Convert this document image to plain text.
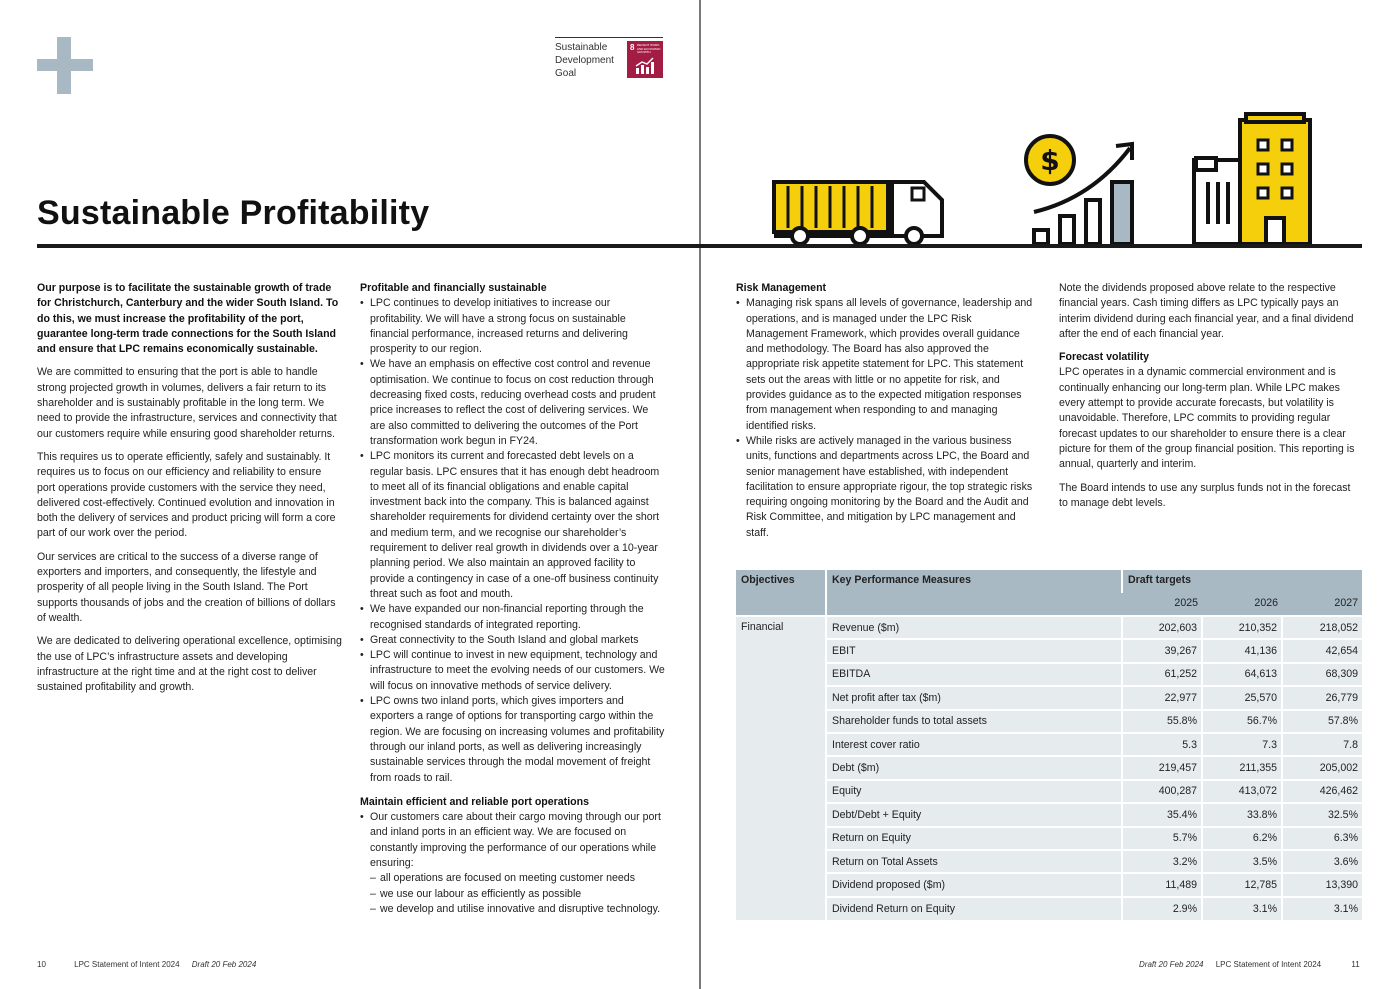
Sustainable Development Goal
8 DECENT WORK AND ECONOMIC GROWTH
Sustainable Profitability

Our purpose is to facilitate the sustainable growth of trade for Christchurch, Canterbury and the wider South Island. To do this, we must increase the profitability of the port, guarantee long-term trade connections for the South Island and ensure that LPC remains economically sustainable.

We are committed to ensuring that the port is able to handle strong projected growth in volumes, delivers a fair return to its shareholder and is sustainably profitable in the long term. We need to provide the infrastructure, services and connectivity that our customers require while ensuring good shareholder returns.

This requires us to operate efficiently, safely and sustainably. It requires us to focus on our efficiency and reliability to ensure port operations provide customers with the service they need, delivered cost-effectively. Continued evolution and innovation in both the delivery of services and product pricing will form a core part of our work over the period.

Our services are critical to the success of a diverse range of exporters and importers, and consequently, the lifestyle and prosperity of all people living in the South Island. The Port supports thousands of jobs and the creation of billions of dollars of wealth.

We are dedicated to delivering operational excellence, optimising the use of LPC’s infrastructure assets and developing infrastructure at the right time and at the right cost to deliver sustained profitability and growth.

Profitable and financially sustainable
• LPC continues to develop initiatives to increase our profitability. We will have a strong focus on sustainable financial performance, increased returns and delivering prosperity to our region.
• We have an emphasis on effective cost control and revenue optimisation. We continue to focus on cost reduction through decreasing fixed costs, reducing overhead costs and prudent price increases to reflect the cost of delivering services. We are also committed to delivering the outcomes of the Port transformation work begun in FY24.
• LPC monitors its current and forecasted debt levels on a regular basis. LPC ensures that it has enough debt headroom to meet all of its financial obligations and enable capital investment back into the company. This is balanced against shareholder requirements for dividend certainty over the short and medium term, and we recognise our shareholder’s requirement to deliver real growth in dividends over a 10-year planning period. We also maintain an approved facility to provide a contingency in case of a one-off business continuity threat such as foot and mouth.
• We have expanded our non-financial reporting through the recognised standards of integrated reporting.
• Great connectivity to the South Island and global markets
• LPC will continue to invest in new equipment, technology and infrastructure to meet the evolving needs of our customers. We will focus on innovative methods of service delivery.
• LPC owns two inland ports, which gives importers and exporters a range of options for transporting cargo within the region. We are focusing on increasing volumes and profitability through our inland ports, as well as delivering increasingly sustainable services through the modal movement of freight from roads to rail.
Maintain efficient and reliable port operations
• Our customers care about their cargo moving through our port and inland ports in an efficient way. We are focused on constantly improving the performance of our operations while ensuring:
– all operations are focused on meeting customer needs
– we use our labour as efficiently as possible
– we develop and utilise innovative and disruptive technology.
10	LPC Statement of Intent 2024 Draft 20 Feb 2024
$
Risk Management
• Managing risk spans all levels of governance, leadership and operations, and is managed under the LPC Risk Management Framework, which provides overall guidance and methodology. The Board has also approved the appropriate risk appetite statement for LPC. This statement sets out the areas with little or no appetite for risk, and provides guidance as to the expected mitigation responses from management when responding to and managing identified risks.
• While risks are actively managed in the various business units, functions and departments across LPC, the Board and senior management have established, with independent facilitation to ensure appropriate rigour, the top strategic risks requiring ongoing monitoring by the Board and the Audit and Risk Committee, and mitigation by LPC management and staff.

Note the dividends proposed above relate to the respective financial years. Cash timing differs as LPC typically pays an interim dividend during each financial year, and a final dividend after the end of each financial year.

Forecast volatility

LPC operates in a dynamic commercial environment and is continually enhancing our long-term plan. While LPC makes every attempt to provide accurate forecasts, but volatility is unavoidable. Therefore, LPC commits to providing regular forecast updates to our shareholder to ensure there is a clear picture for them of the group financial position. This reporting is annual, quarterly and interim.

The Board intends to use any surplus funds not in the forecast to manage debt levels.

Objectives	Key Performance Measures	Draft targets		
		2025	2026	2027
Financial	Revenue ($m)	202,603	210,352	218,052
	EBIT	39,267	41,136	42,654
	EBITDA	61,252	64,613	68,309
	Net profit after tax ($m)	22,977	25,570	26,779
	Shareholder funds to total assets	55.8%	56.7%	57.8%
	Interest cover ratio	5.3	7.3	7.8
	Debt ($m)	219,457	211,355	205,002
	Equity	400,287	413,072	426,462
	Debt/Debt + Equity	35.4%	33.8%	32.5%
	Return on Equity	5.7%	6.2%	6.3%
	Return on Total Assets	3.2%	3.5%	3.6%
	Dividend proposed ($m)	11,489	12,785	13,390
	Dividend Return on Equity	2.9%	3.1%	3.1%
Draft 20 Feb 2024 LPC Statement of Intent 2024	11
